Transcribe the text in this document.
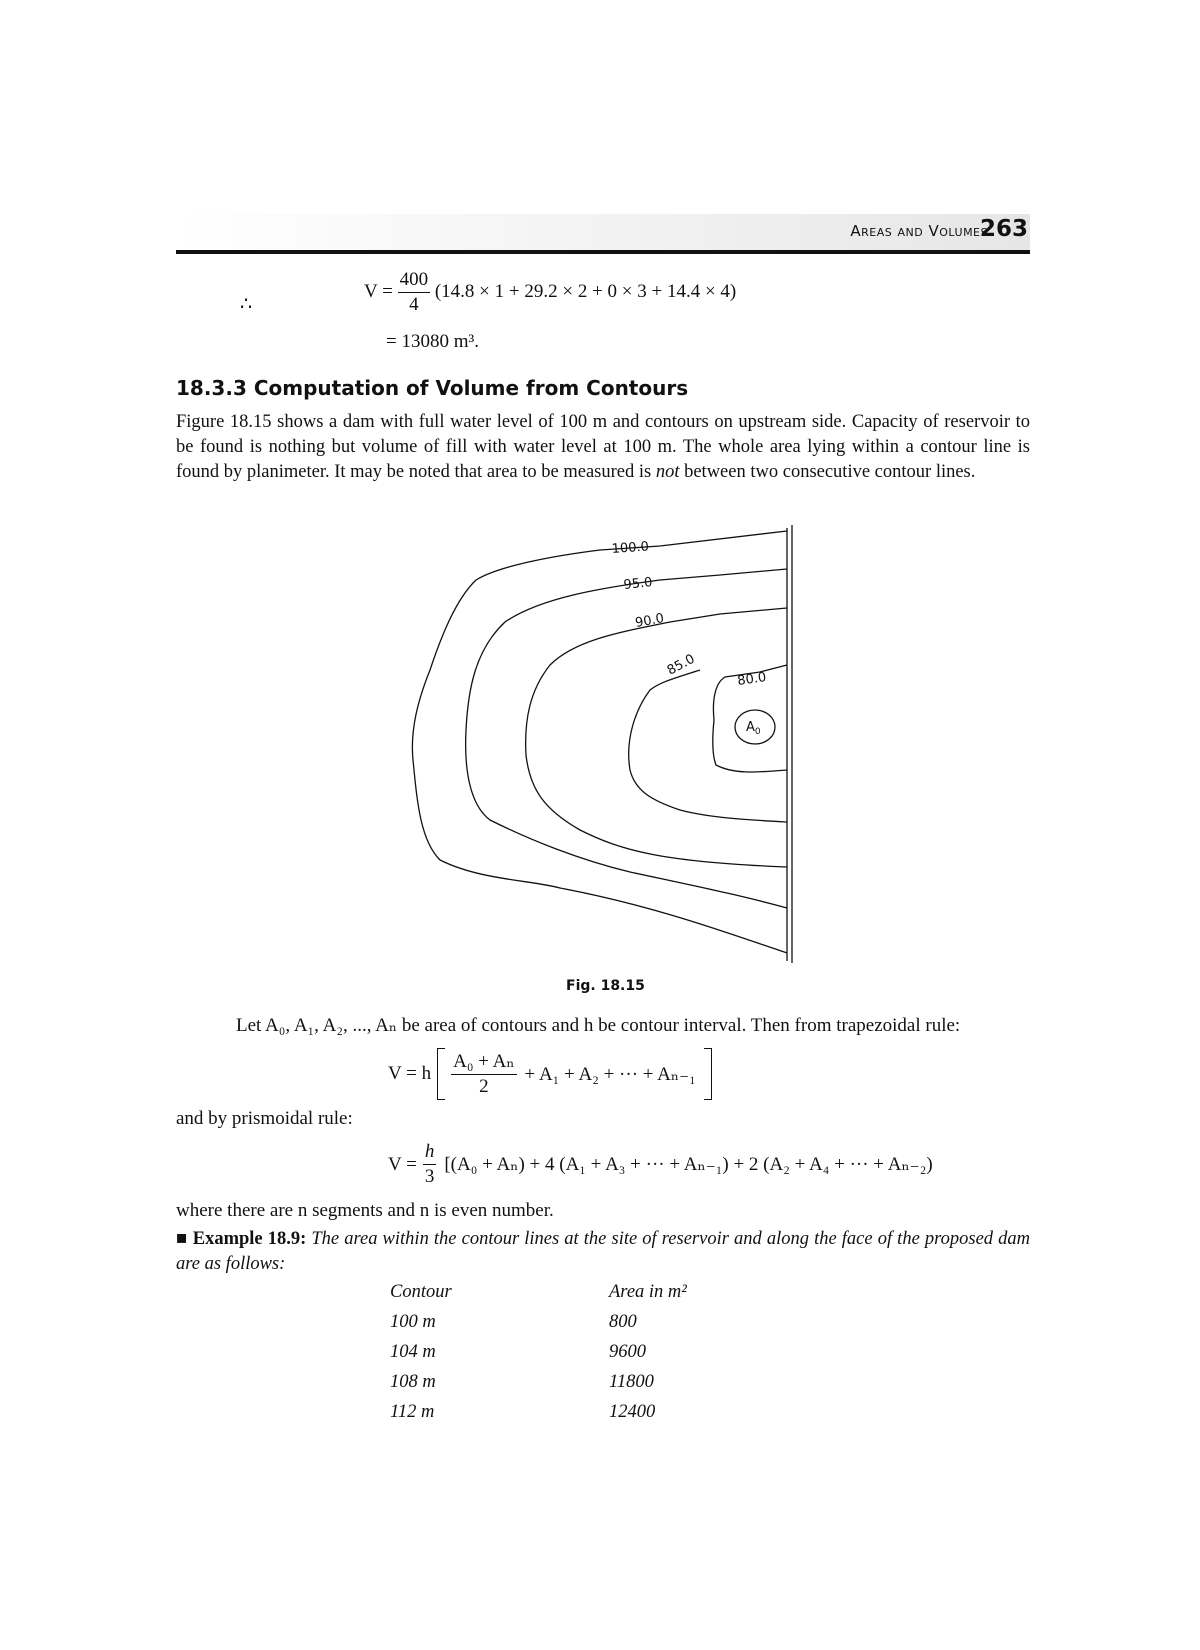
Areas and Volumes
263
∴
$V = \frac{400}{4} (14.8 \times 1 + 29.2 \times 2 + 0 \times 3 + 14.4 \times 4)$
= 13080 m³.
18.3.3 Computation of Volume from Contours
Figure 18.15 shows a dam with full water level of 100 m and contours on upstream side. Capacity of reservoir to be found is nothing but volume of fill with water level at 100 m. The whole area lying within a contour line is found by planimeter. It may be noted that area to be measured is not between two consecutive contour lines.
100.0
95.0
90.0
85.0
80.0
$A_0$
Fig. 18.15
Let A₀, A₁, A₂, ..., Aₙ be area of contours and h be contour interval. Then from trapezoidal rule:
V = h $\frac{\text{A₀ + Aₙ}}{2} + A_1 + A_2$ + ··· + Aₙ₋₁
and by prismoidal rule:
$V = \frac{h}{3} [(A_0 + A_n) + 4$ (A₁ + A₃ + ··· + Aₙ₋₁) + 2 (A₂ + A₄ + ··· + Aₙ₋₂)
where there are n segments and n is even number.
■ Example 18.9: The area within the contour lines at the site of reservoir and along the face of the proposed dam are as follows:
Contour	Area in m²
100 m	800
104 m	9600
108 m	11800
112 m	12400
